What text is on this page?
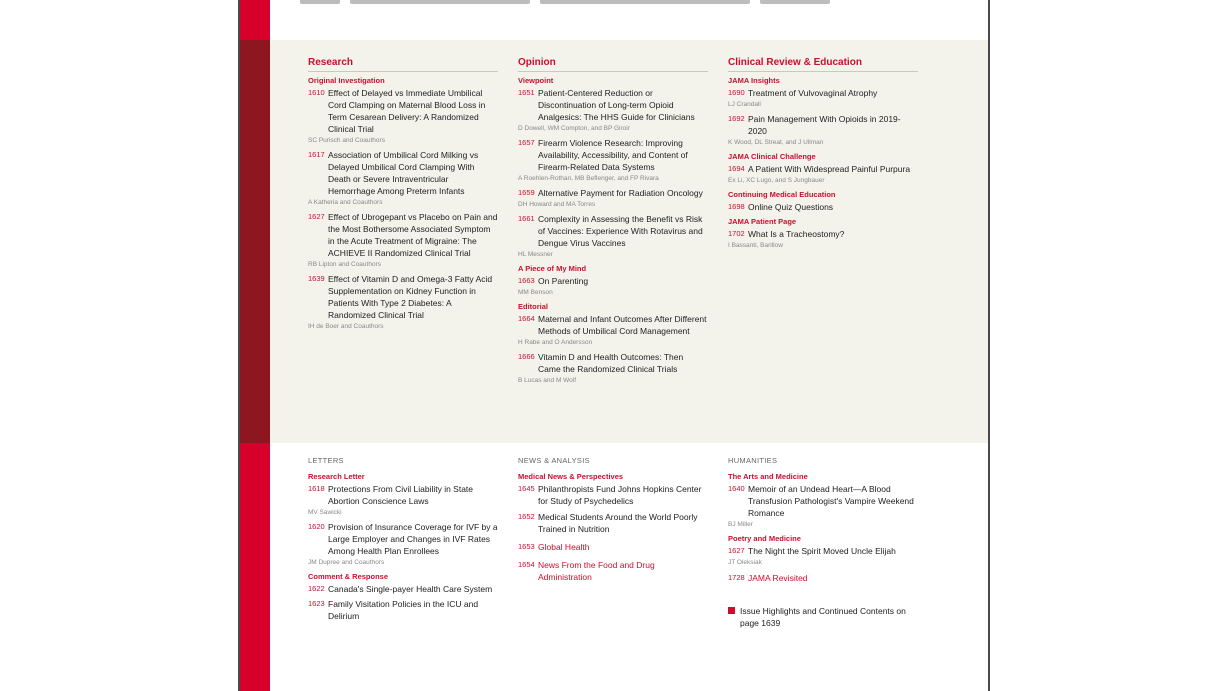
Research
Original Investigation
1610 Effect of Delayed vs Immediate Umbilical Cord Clamping on Maternal Blood Loss in Term Cesarean Delivery: A Randomized Clinical Trial
SC Purisch and Coauthors
1617 Association of Umbilical Cord Milking vs Delayed Umbilical Cord Clamping With Death or Severe Intraventricular Hemorrhage Among Preterm Infants
A Katheria and Coauthors
1627 Effect of Ubrogepant vs Placebo on Pain and the Most Bothersome Associated Symptom in the Acute Treatment of Migraine: The ACHIEVE II Randomized Clinical Trial
RB Lipton and Coauthors
1639 Effect of Vitamin D and Omega-3 Fatty Acid Supplementation on Kidney Function in Patients With Type 2 Diabetes: A Randomized Clinical Trial
IH de Boer and Coauthors
Opinion
Viewpoint
1651 Patient-Centered Reduction or Discontinuation of Long-term Opioid Analgesics: The HHS Guide for Clinicians
D Dowell, WM Compton, and BP Giroir
1657 Firearm Violence Research: Improving Availability, Accessibility, and Content of Firearm-Related Data Systems
A Roehlen-Rothan, MB Beflenger, and FP Rivara
1659 Alternative Payment for Radiation Oncology
DH Howard and MA Torres
1661 Complexity in Assessing the Benefit vs Risk of Vaccines: Experience With Rotavirus and Dengue Virus Vaccines
HL Messner
A Piece of My Mind
1663 On Parenting
MM Benson
Editorial
1664 Maternal and Infant Outcomes After Different Methods of Umbilical Cord Management
H Rabe and O Andersson
1666 Vitamin D and Health Outcomes: Then Came the Randomized Clinical Trials
B Lucas and M Wolf
Clinical Review & Education
JAMA Insights
1690 Treatment of Vulvovaginal Atrophy
LJ Crandall
1692 Pain Management With Opioids in 2019-2020
K Wood, DL Streat, and J Ullman
JAMA Clinical Challenge
1694 A Patient With Widespread Painful Purpura
Ex Li, XC Lugo, and S Jungbauer
Continuing Medical Education
1698 Online Quiz Questions
JAMA Patient Page
1702 What Is a Tracheostomy?
I Bassanti, Barillow
LETTERS
Research Letter
1618 Protections From Civil Liability in State Abortion Conscience Laws
MV Sawicki
1620 Provision of Insurance Coverage for IVF by a Large Employer and Changes in IVF Rates Among Health Plan Enrollees
JM Dupree and Coauthors
Comment & Response
1622 Canada's Single-payer Health Care System
1623 Family Visitation Policies in the ICU and Delirium
NEWS & ANALYSIS
Medical News & Perspectives
1645 Philanthropists Fund Johns Hopkins Center for Study of Psychedelics
1652 Medical Students Around the World Poorly Trained in Nutrition
1653 Global Health
1654 News From the Food and Drug Administration
HUMANITIES
The Arts and Medicine
1640 Memoir of an Undead Heart—A Blood Transfusion Pathologist's Vampire Weekend Romance
BJ Miller
Poetry and Medicine
1627 The Night the Spirit Moved Uncle Elijah
JT Oleksiak
1728 JAMA Revisited
Issue Highlights and Continued Contents on page 1639
